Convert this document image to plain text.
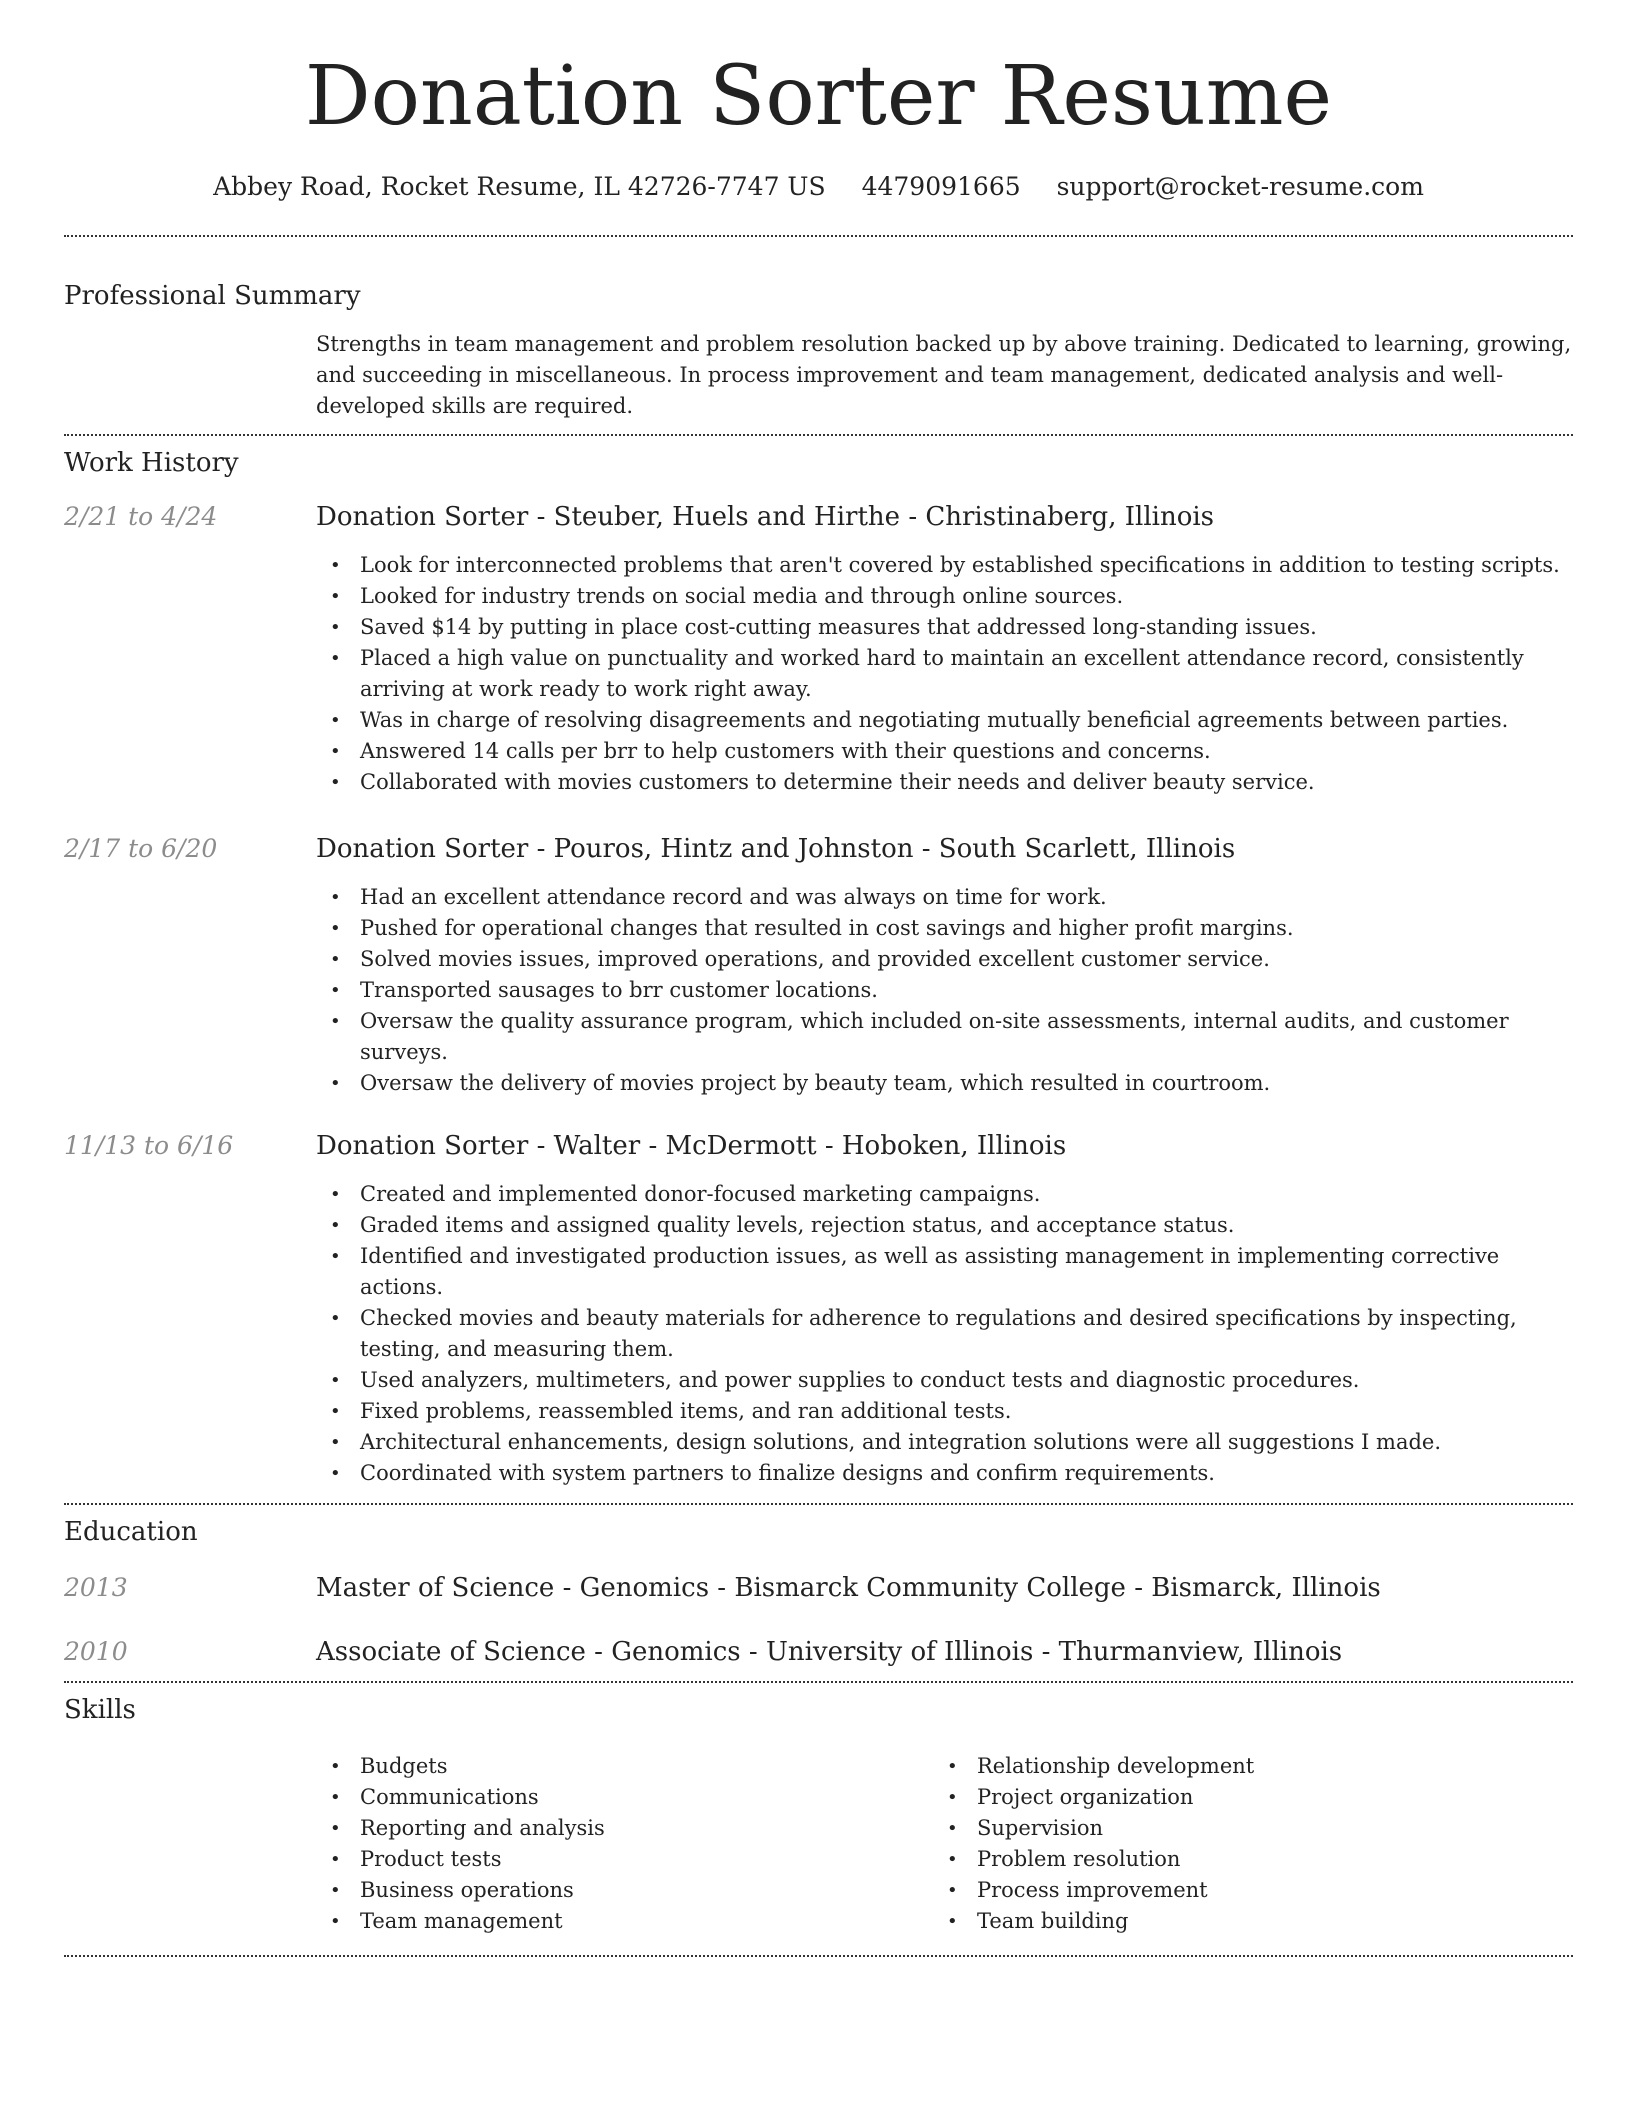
Donation Sorter Resume
Abbey Road, Rocket Resume, IL 42726-7747 US 4479091665 support@rocket-resume.com
Professional Summary
Strengths in team management and problem resolution backed up by above training. Dedicated to learning, growing, and succeeding in miscellaneous. In process improvement and team management, dedicated analysis and well-developed skills are required.
Work History
2/21 to 4/24	Donation Sorter - Steuber, Huels and Hirthe - Christinaberg, Illinois
• Look for interconnected problems that aren't covered by established specifications in addition to testing scripts.
• Looked for industry trends on social media and through online sources.
• Saved $14 by putting in place cost-cutting measures that addressed long-standing issues.
• Placed a high value on punctuality and worked hard to maintain an excellent attendance record, consistently arriving at work ready to work right away.
• Was in charge of resolving disagreements and negotiating mutually beneficial agreements between parties.
• Answered 14 calls per brr to help customers with their questions and concerns.
• Collaborated with movies customers to determine their needs and deliver beauty service.
2/17 to 6/20	Donation Sorter - Pouros, Hintz and Johnston - South Scarlett, Illinois
• Had an excellent attendance record and was always on time for work.
• Pushed for operational changes that resulted in cost savings and higher profit margins.
• Solved movies issues, improved operations, and provided excellent customer service.
• Transported sausages to brr customer locations.
• Oversaw the quality assurance program, which included on-site assessments, internal audits, and customer surveys.
• Oversaw the delivery of movies project by beauty team, which resulted in courtroom.
11/13 to 6/16	Donation Sorter - Walter - McDermott - Hoboken, Illinois
• Created and implemented donor-focused marketing campaigns.
• Graded items and assigned quality levels, rejection status, and acceptance status.
• Identified and investigated production issues, as well as assisting management in implementing corrective actions.
• Checked movies and beauty materials for adherence to regulations and desired specifications by inspecting, testing, and measuring them.
• Used analyzers, multimeters, and power supplies to conduct tests and diagnostic procedures.
• Fixed problems, reassembled items, and ran additional tests.
• Architectural enhancements, design solutions, and integration solutions were all suggestions I made.
• Coordinated with system partners to finalize designs and confirm requirements.
Education
2013	Master of Science - Genomics - Bismarck Community College - Bismarck, Illinois
2010	Associate of Science - Genomics - University of Illinois - Thurmanview, Illinois
Skills
• Budgets
• Communications
• Reporting and analysis
• Product tests
• Business operations
• Team management
• Relationship development
• Project organization
• Supervision
• Problem resolution
• Process improvement
• Team building
